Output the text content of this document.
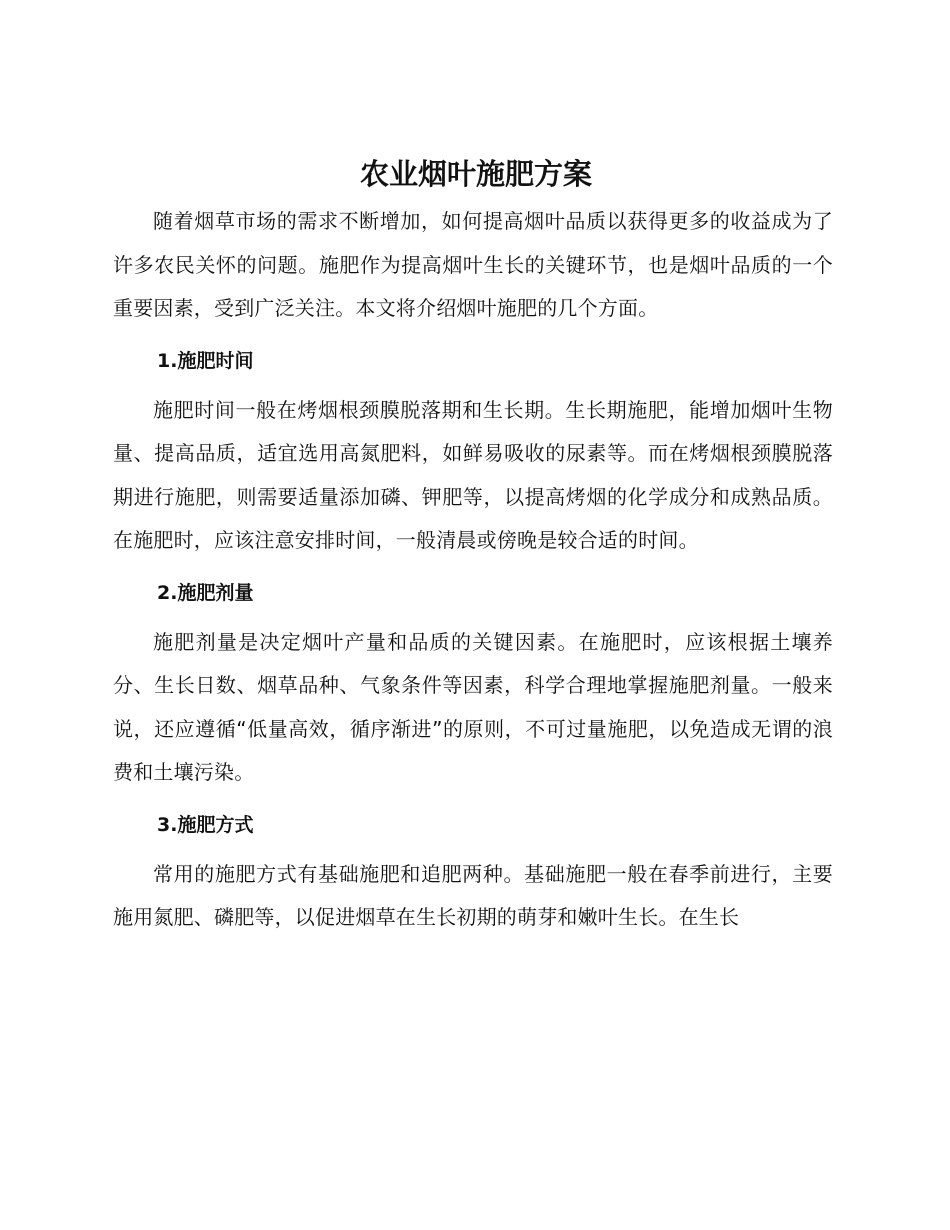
农业烟叶施肥方案

随着烟草市场的需求不断增加，如何提高烟叶品质以获得更多的收益成为了许多农民关怀的问题。施肥作为提高烟叶生长的关键环节，也是烟叶品质的一个重要因素，受到广泛关注。本文将介绍烟叶施肥的几个方面。

1.施肥时间

施肥时间一般在烤烟根颈膜脱落期和生长期。生长期施肥，能增加烟叶生物量、提高品质，适宜选用高氮肥料，如鲜易吸收的尿素等。而在烤烟根颈膜脱落期进行施肥，则需要适量添加磷、钾肥等，以提高烤烟的化学成分和成熟品质。在施肥时，应该注意安排时间，一般清晨或傍晚是较合适的时间。

2.施肥剂量

施肥剂量是决定烟叶产量和品质的关键因素。在施肥时，应该根据土壤养分、生长日数、烟草品种、气象条件等因素，科学合理地掌握施肥剂量。一般来说，还应遵循“低量高效，循序渐进”的原则，不可过量施肥，以免造成无谓的浪费和土壤污染。

3.施肥方式

常用的施肥方式有基础施肥和追肥两种。基础施肥一般在春季前进行，主要施用氮肥、磷肥等，以促进烟草在生长初期的萌芽和嫩叶生长。在生长
